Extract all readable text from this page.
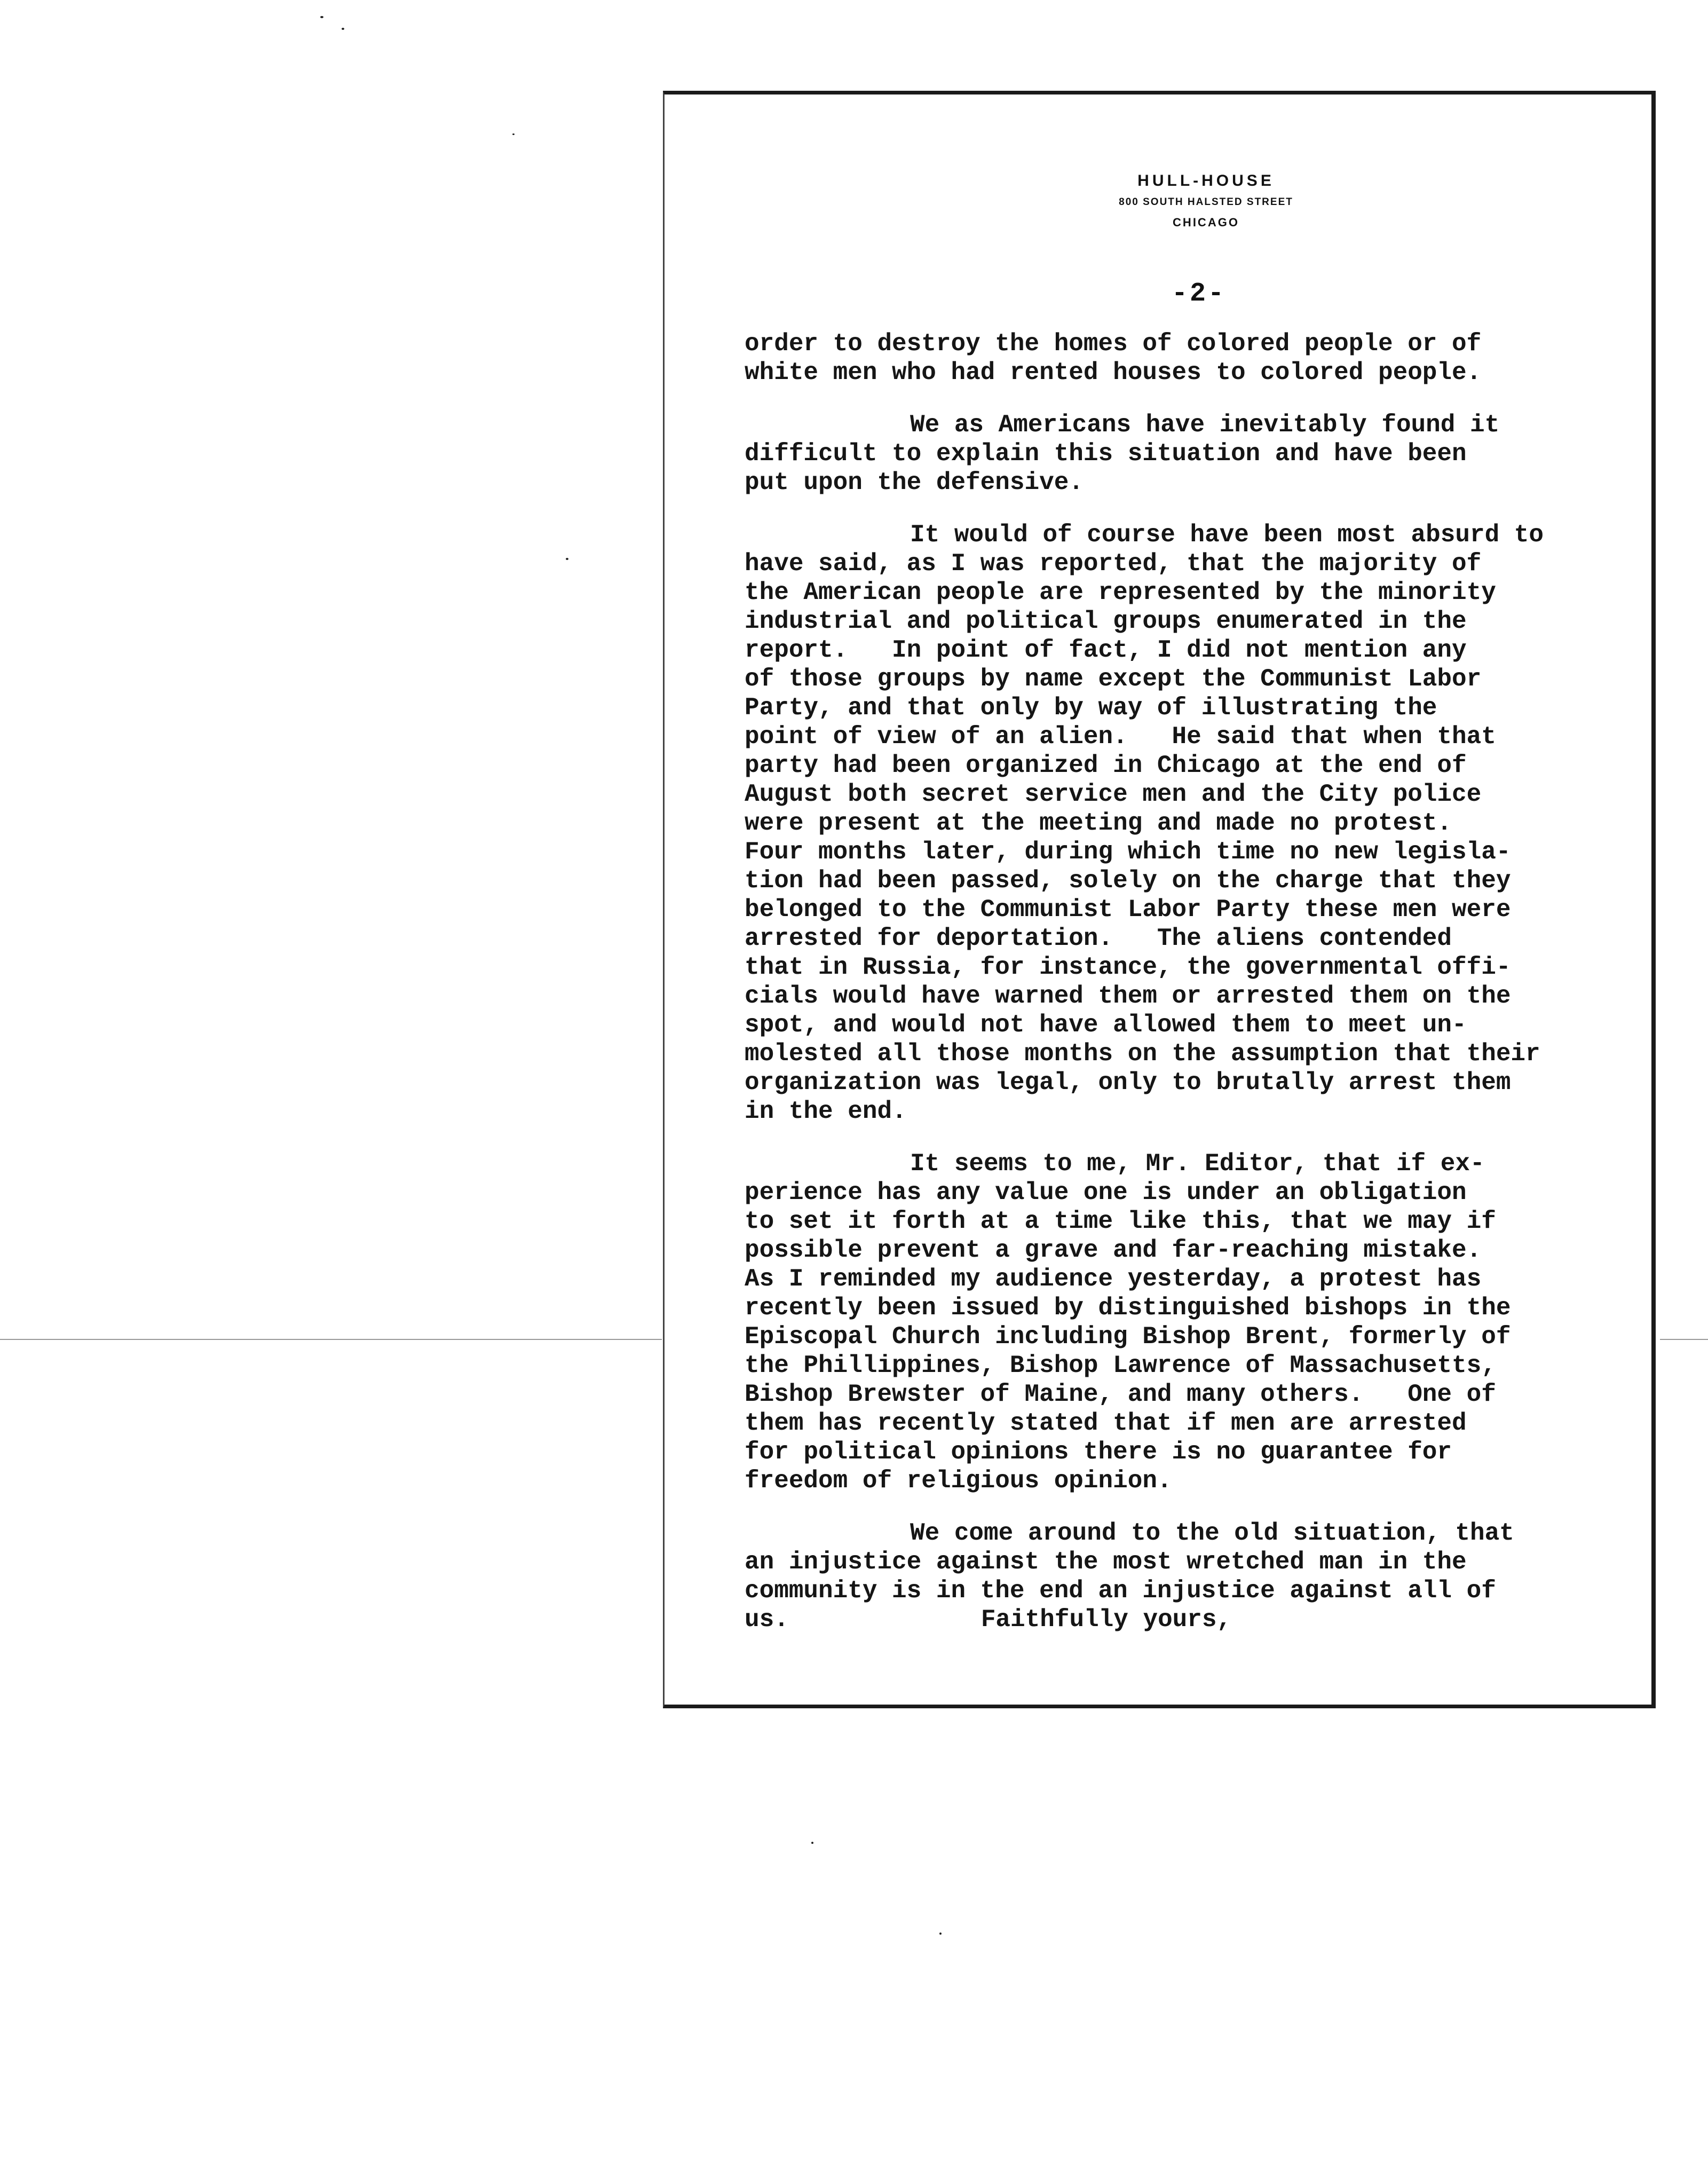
HULL-HOUSE
800 SOUTH HALSTED STREET
CHICAGO
-2-
order to destroy the homes of colored people or of
white men who had rented houses to colored people.
We as Americans have inevitably found it
difficult to explain this situation and have been
put upon the defensive.
It would of course have been most absurd to
have said, as I was reported, that the majority of
the American people are represented by the minority
industrial and political groups enumerated in the
report.   In point of fact, I did not mention any
of those groups by name except the Communist Labor
Party, and that only by way of illustrating the
point of view of an alien.   He said that when that
party had been organized in Chicago at the end of
August both secret service men and the City police
were present at the meeting and made no protest.
Four months later, during which time no new legisla-
tion had been passed, solely on the charge that they
belonged to the Communist Labor Party these men were
arrested for deportation.   The aliens contended
that in Russia, for instance, the governmental offi-
cials would have warned them or arrested them on the
spot, and would not have allowed them to meet un-
molested all those months on the assumption that their
organization was legal, only to brutally arrest them
in the end.
It seems to me, Mr. Editor, that if ex-
perience has any value one is under an obligation
to set it forth at a time like this, that we may if
possible prevent a grave and far-reaching mistake.
As I reminded my audience yesterday, a protest has
recently been issued by distinguished bishops in the
Episcopal Church including Bishop Brent, formerly of
the Phillippines, Bishop Lawrence of Massachusetts,
Bishop Brewster of Maine, and many others.   One of
them has recently stated that if men are arrested
for political opinions there is no guarantee for
freedom of religious opinion.
We come around to the old situation, that
an injustice against the most wretched man in the
community is in the end an injustice against all of
us.	Faithfully yours,
